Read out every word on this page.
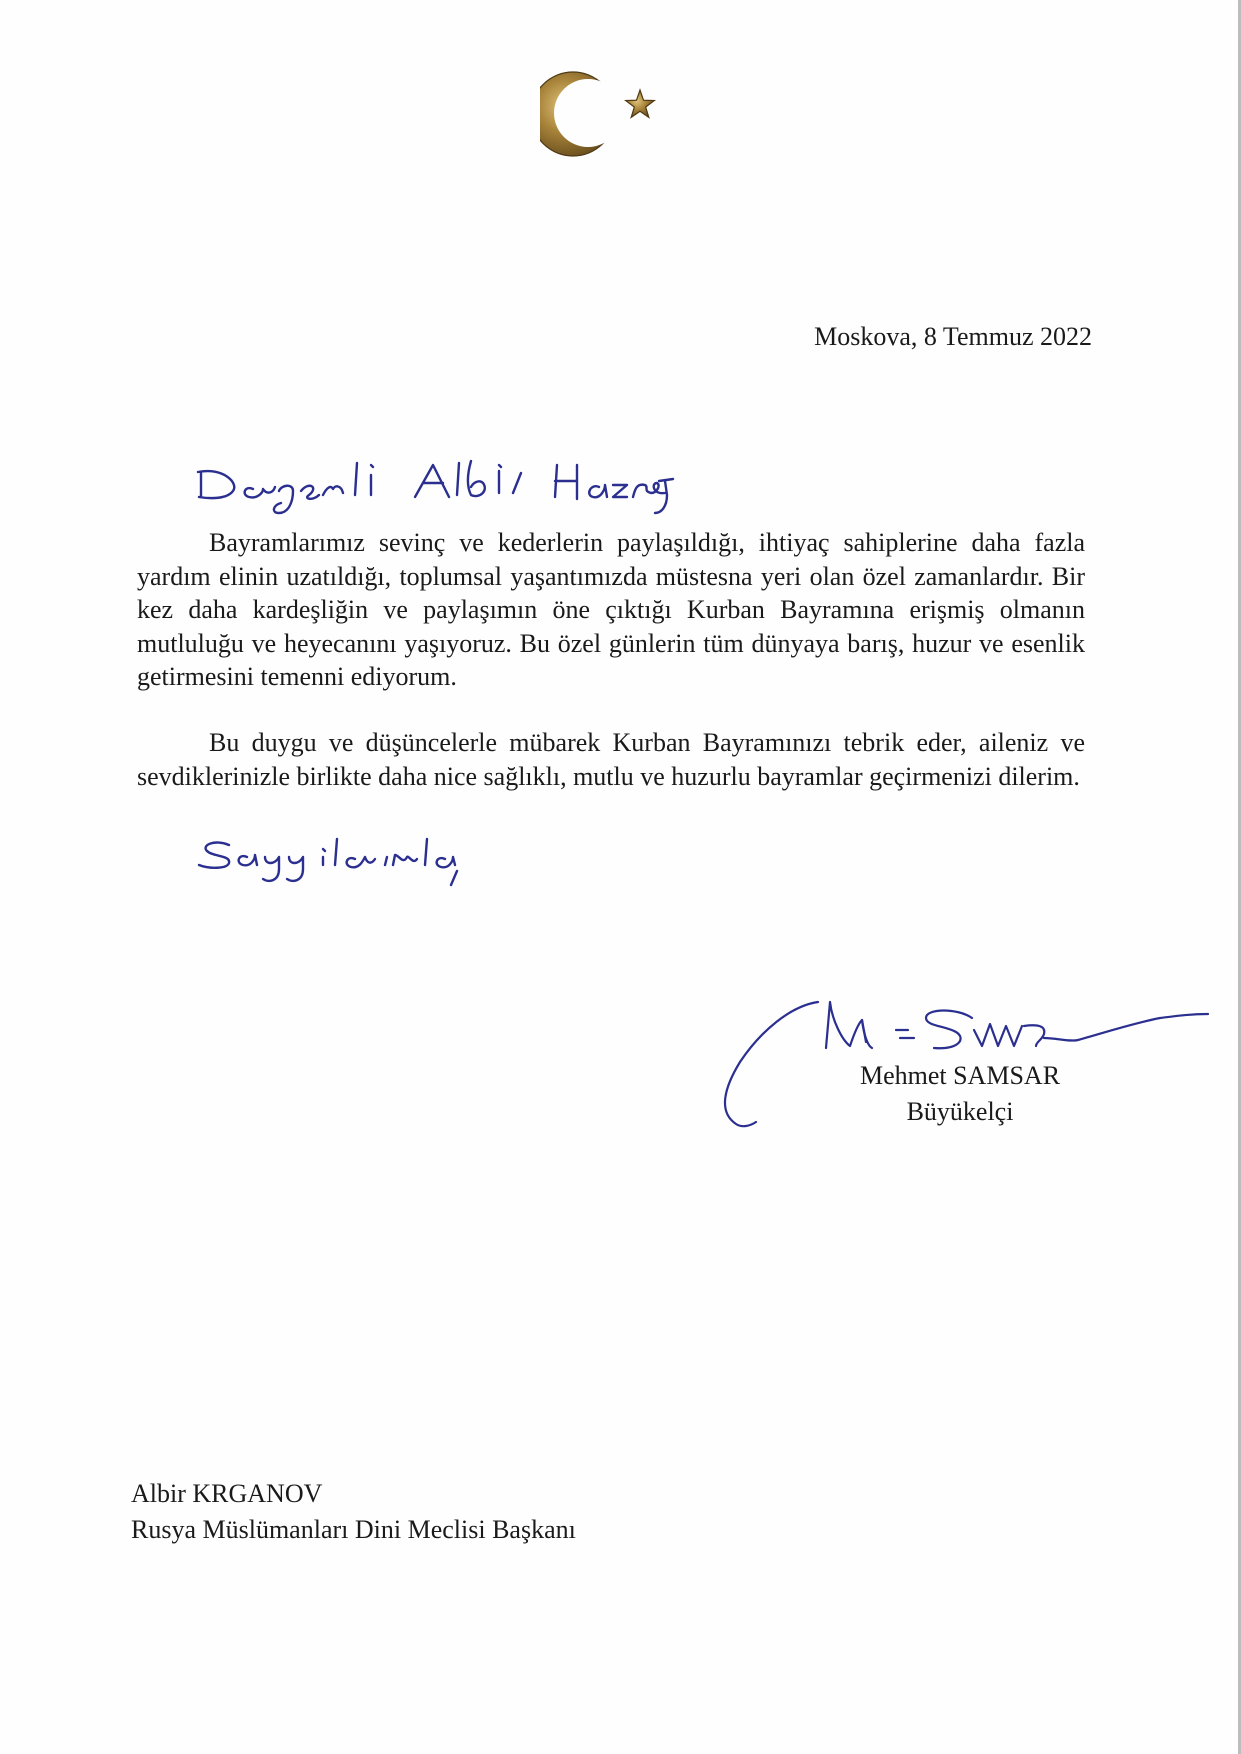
Moskova, 8 Temmuz 2022

Bayramlarımız sevinç ve kederlerin paylaşıldığı, ihtiyaç sahiplerine daha fazla yardım elinin uzatıldığı, toplumsal yaşantımızda müstesna yeri olan özel zamanlardır. Bir kez daha kardeşliğin ve paylaşımın öne çıktığı Kurban Bayramına erişmiş olmanın mutluluğu ve heyecanını yaşıyoruz. Bu özel günlerin tüm dünyaya barış, huzur ve esenlik getirmesini temenni ediyorum.

Bu duygu ve düşüncelerle mübarek Kurban Bayramınızı tebrik eder, aileniz ve sevdiklerinizle birlikte daha nice sağlıklı, mutlu ve huzurlu bayramlar geçirmenizi dilerim.

Mehmet SAMSAR
Büyükelçi
Albir KRGANOV
Rusya Müslümanları Dini Meclisi Başkanı
